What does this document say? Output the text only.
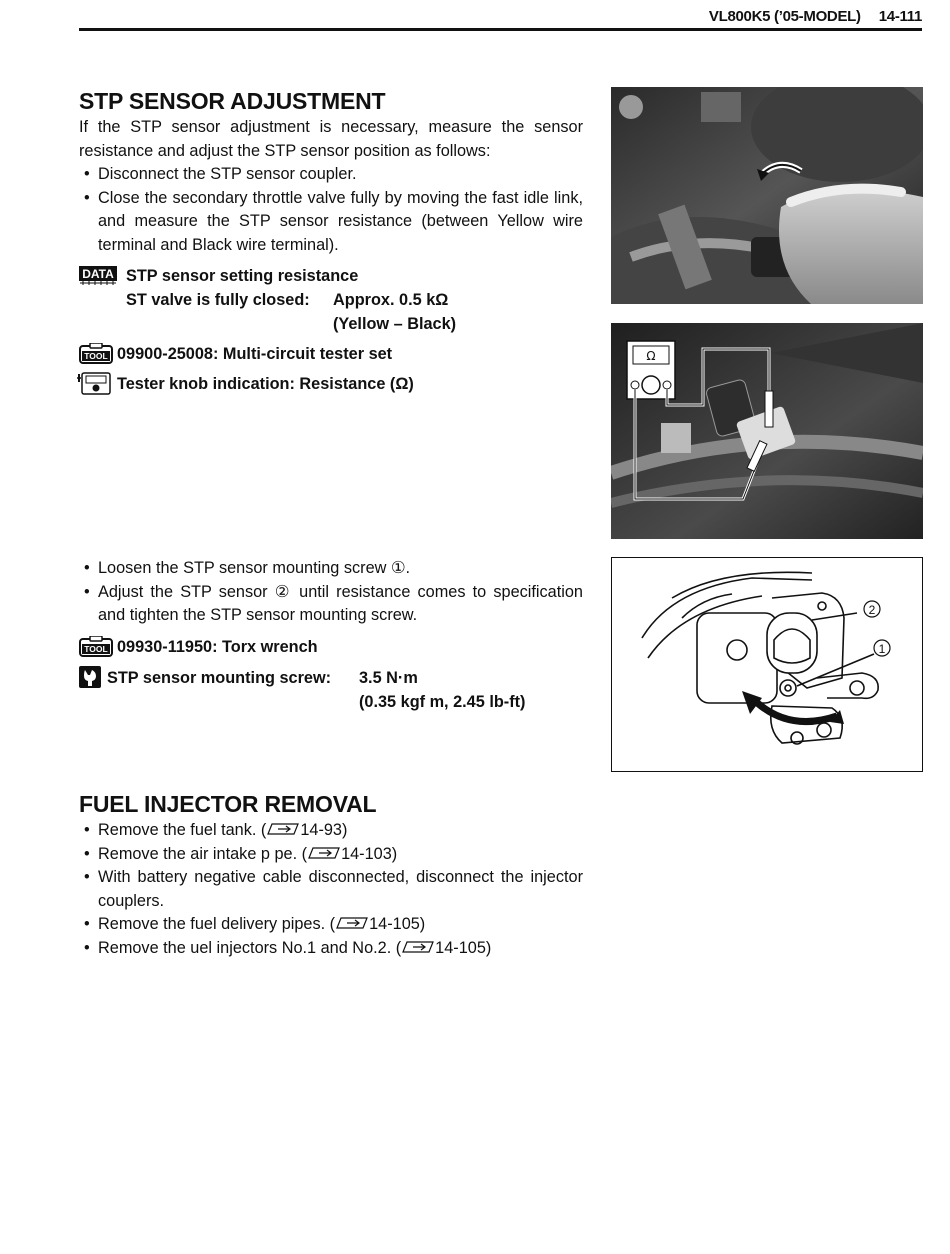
VL800K5 (’05-MODEL) 14-111
STP SENSOR ADJUSTMENT
If the STP sensor adjustment is necessary, measure the sensor resistance and adjust the STP sensor position as follows:
• Disconnect the STP sensor coupler.
• Close the secondary throttle valve fully by moving the fast idle link, and measure the STP sensor resistance (between Yellow wire terminal and Black wire terminal).
DATA STP sensor setting resistance
ST valve is fully closed: Approx. 0.5 kΩ
(Yellow – Black)
TOOL 09900-25008: Multi-circuit tester set
Tester knob indication: Resistance (Ω)
• Loosen the STP sensor mounting screw ①.
• Adjust the STP sensor ② until resistance comes to specification and tighten the STP sensor mounting screw.
TOOL 09930-11950: Torx wrench
STP sensor mounting screw: 3.5 N·m
(0.35 kgf m, 2.45 lb-ft)
FUEL INJECTOR REMOVAL
• Remove the fuel tank. ( 14-93)
• Remove the air intake p pe. ( 14-103)
• With battery negative cable disconnected, disconnect the injector couplers.
• Remove the fuel delivery pipes. ( 14-105)
• Remove the uel injectors No.1 and No.2. ( 14-105)
Ω
2
1
